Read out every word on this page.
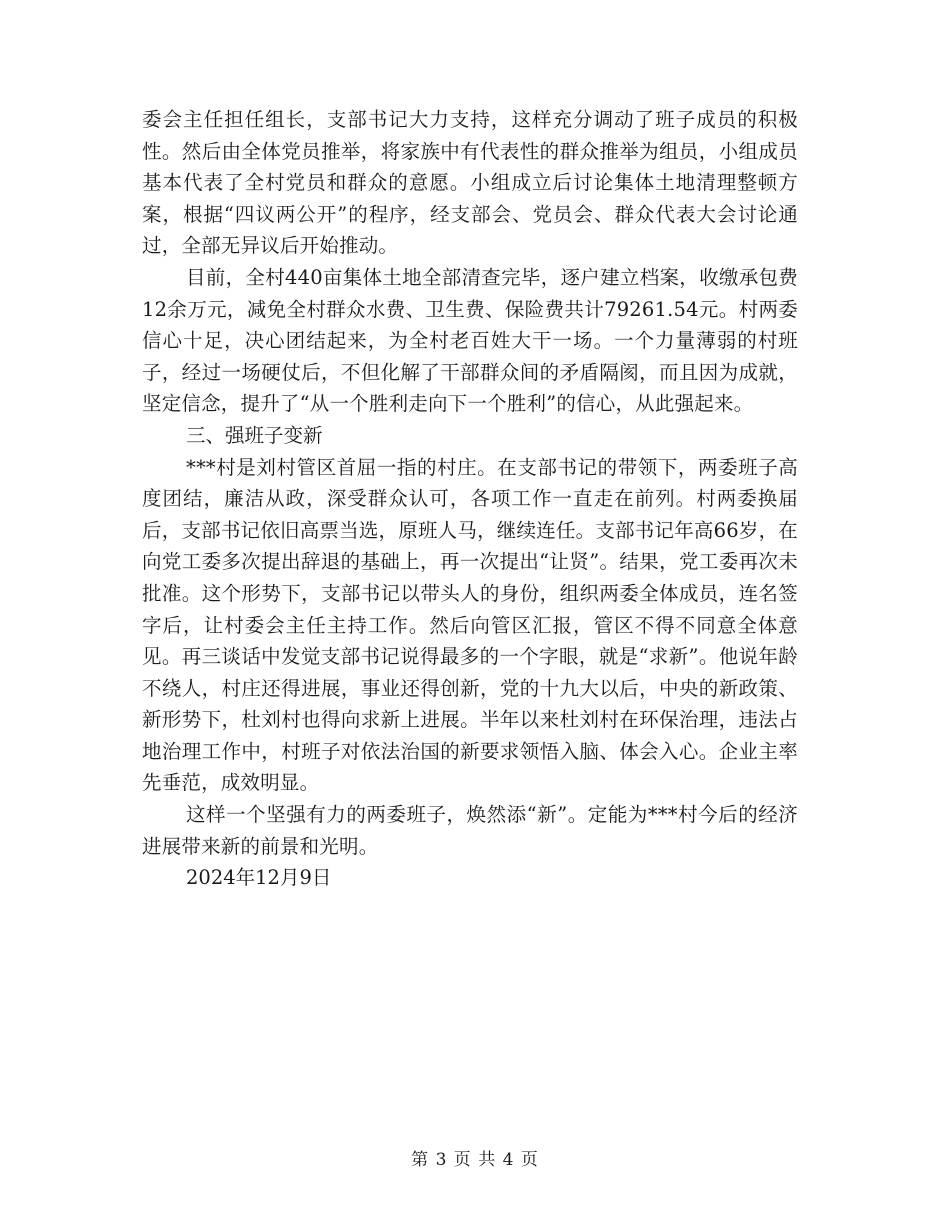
委会主任担任组长，支部书记大力支持，这样充分调动了班子成员的积极性。然后由全体党员推举，将家族中有代表性的群众推举为组员，小组成员基本代表了全村党员和群众的意愿。小组成立后讨论集体土地清理整顿方案，根据“四议两公开”的程序，经支部会、党员会、群众代表大会讨论通过，全部无异议后开始推动。

目前，全村440亩集体土地全部清查完毕，逐户建立档案，收缴承包费12余万元，减免全村群众水费、卫生费、保险费共计79261.54元。村两委信心十足，决心团结起来，为全村老百姓大干一场。一个力量薄弱的村班子，经过一场硬仗后，不但化解了干部群众间的矛盾隔阂，而且因为成就，坚定信念，提升了“从一个胜利走向下一个胜利”的信心，从此强起来。

三、强班子变新

***村是刘村管区首屈一指的村庄。在支部书记的带领下，两委班子高度团结，廉洁从政，深受群众认可，各项工作一直走在前列。村两委换届后，支部书记依旧高票当选，原班人马，继续连任。支部书记年高66岁，在向党工委多次提出辞退的基础上，再一次提出“让贤”。结果，党工委再次未批准。这个形势下，支部书记以带头人的身份，组织两委全体成员，连名签字后，让村委会主任主持工作。然后向管区汇报，管区不得不同意全体意见。再三谈话中发觉支部书记说得最多的一个字眼，就是“求新”。他说年龄不绕人，村庄还得进展，事业还得创新，党的十九大以后，中央的新政策、新形势下，杜刘村也得向求新上进展。半年以来杜刘村在环保治理，违法占地治理工作中，村班子对依法治国的新要求领悟入脑、体会入心。企业主率先垂范，成效明显。

这样一个坚强有力的两委班子，焕然添“新”。定能为***村今后的经济进展带来新的前景和光明。

2024年12月9日

第 3 页 共 4 页
